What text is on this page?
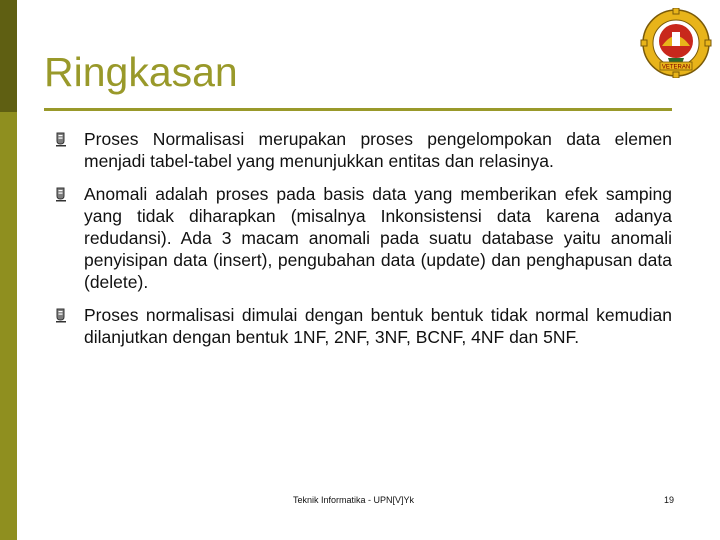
Ringkasan	VETERAN
Proses Normalisasi merupakan proses pengelompokan data elemen menjadi tabel-tabel yang menunjukkan entitas dan relasinya.
Anomali adalah proses pada basis data yang memberikan efek samping yang tidak diharapkan (misalnya Inkonsistensi data karena adanya redudansi). Ada 3 macam anomali pada suatu database yaitu anomali penyisipan data (insert), pengubahan data (update) dan penghapusan data (delete).
Proses normalisasi dimulai dengan bentuk bentuk tidak normal kemudian dilanjutkan dengan bentuk 1NF, 2NF, 3NF, BCNF, 4NF dan 5NF.
Teknik Informatika - UPN[V]Yk	19
